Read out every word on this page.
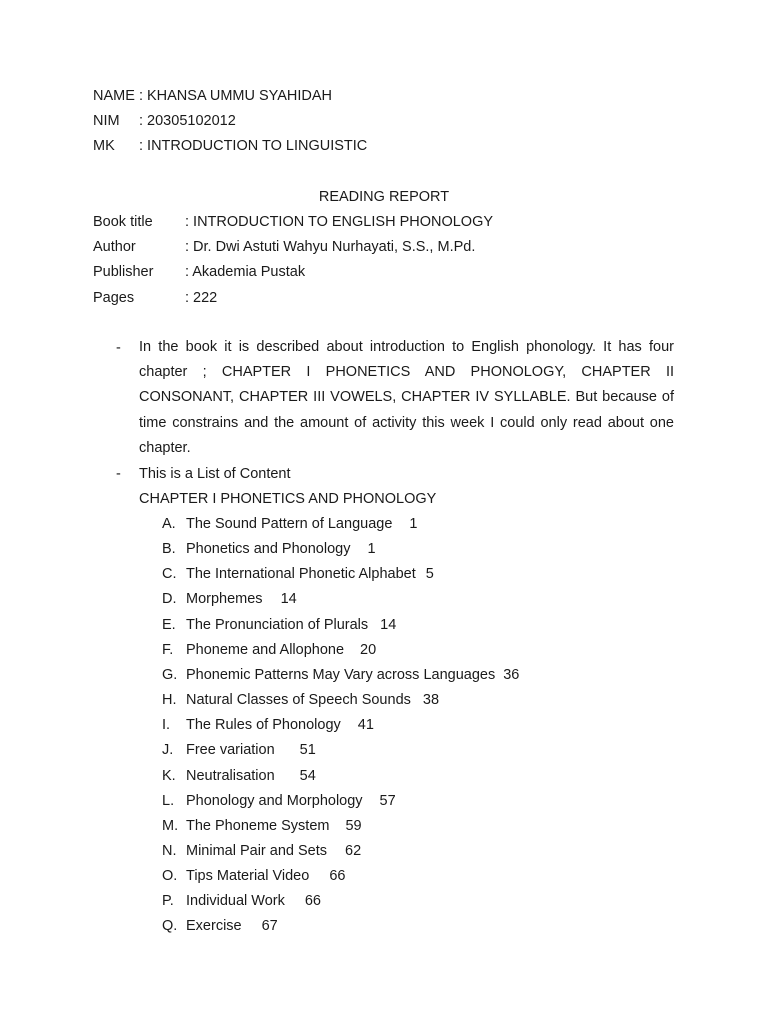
NAME : KHANSA UMMU SYAHIDAH
NIM : 20305102012
MK : INTRODUCTION TO LINGUISTIC
READING REPORT
Book title : INTRODUCTION TO ENGLISH PHONOLOGY
Author	: Dr. Dwi Astuti Wahyu Nurhayati, S.S., M.Pd.
Publisher : Akademia Pustak
Pages	: 222
- In the book it is described about introduction to English phonology. It has four chapter ; CHAPTER I PHONETICS AND PHONOLOGY, CHAPTER II CONSONANT, CHAPTER III VOWELS, CHAPTER IV SYLLABLE. But because of time constrains and the amount of activity this week I could only read about one chapter.
- This is a List of Content
CHAPTER I PHONETICS AND PHONOLOGY
A. The Sound Pattern of Language 1
B. Phonetics and Phonology 1
C. The International Phonetic Alphabet 5
D. Morphemes 14
E. The Pronunciation of Plurals 14
F. Phoneme and Allophone 20
G. Phonemic Patterns May Vary across Languages 36
H. Natural Classes of Speech Sounds 38
I. The Rules of Phonology 41
J. Free variation 51
K. Neutralisation 54
L. Phonology and Morphology 57
M. The Phoneme System 59
N. Minimal Pair and Sets 62
O. Tips Material Video 66
P. Individual Work 66
Q. Exercise 67
